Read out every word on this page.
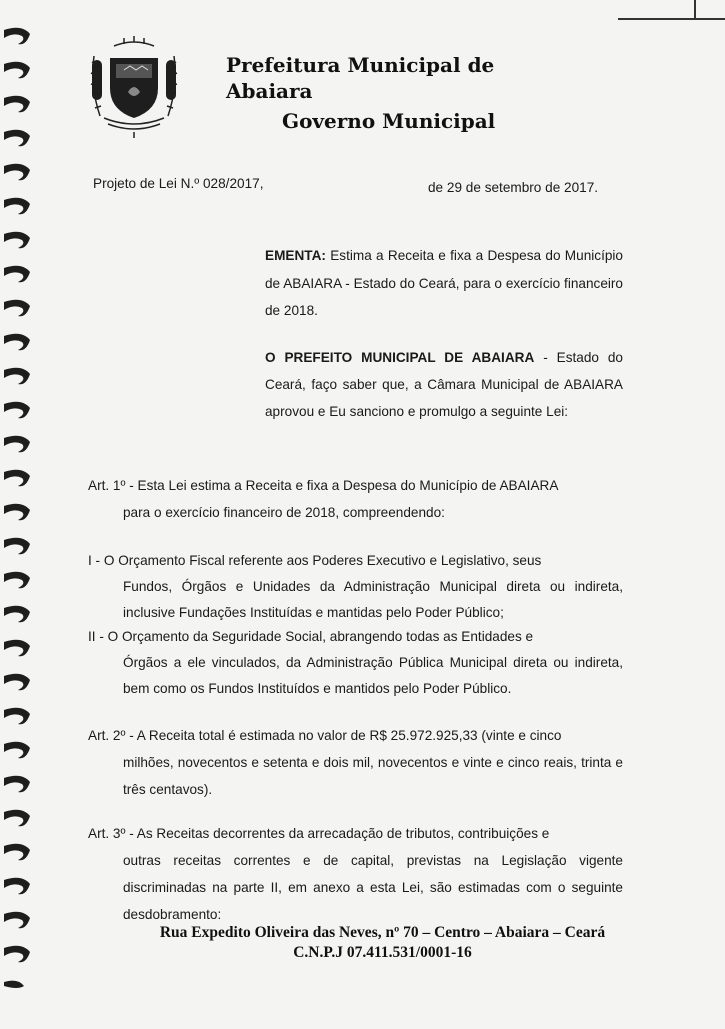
Prefeitura Municipal de Abaiara

Governo Municipal

Projeto de Lei N.º 028/2017,	de 29 de setembro de 2017.
EMENTA: Estima a Receita e fixa a Despesa do Município de ABAIARA - Estado do Ceará, para o exercício financeiro de 2018.
O PREFEITO MUNICIPAL DE ABAIARA - Estado do Ceará, faço saber que, a Câmara Municipal de ABAIARA aprovou e Eu sanciono e promulgo a seguinte Lei:
Art. 1º - Esta Lei estima a Receita e fixa a Despesa do Município de ABAIARA
para o exercício financeiro de 2018, compreendendo:
I - O Orçamento Fiscal referente aos Poderes Executivo e Legislativo, seus
Fundos, Órgãos e Unidades da Administração Municipal direta ou indireta, inclusive Fundações Instituídas e mantidas pelo Poder Público;
II - O Orçamento da Seguridade Social, abrangendo todas as Entidades e
Órgãos a ele vinculados, da Administração Pública Municipal direta ou indireta, bem como os Fundos Instituídos e mantidos pelo Poder Público.
Art. 2º - A Receita total é estimada no valor de R$ 25.972.925,33 (vinte e cinco
milhões, novecentos e setenta e dois mil, novecentos e vinte e cinco reais, trinta e três centavos).
Art. 3º - As Receitas decorrentes da arrecadação de tributos, contribuições e
outras receitas correntes e de capital, previstas na Legislação vigente discriminadas na parte II, em anexo a esta Lei, são estimadas com o seguinte desdobramento:
Rua Expedito Oliveira das Neves, nº 70 – Centro – Abaiara – Ceará
C.N.P.J 07.411.531/0001-16
